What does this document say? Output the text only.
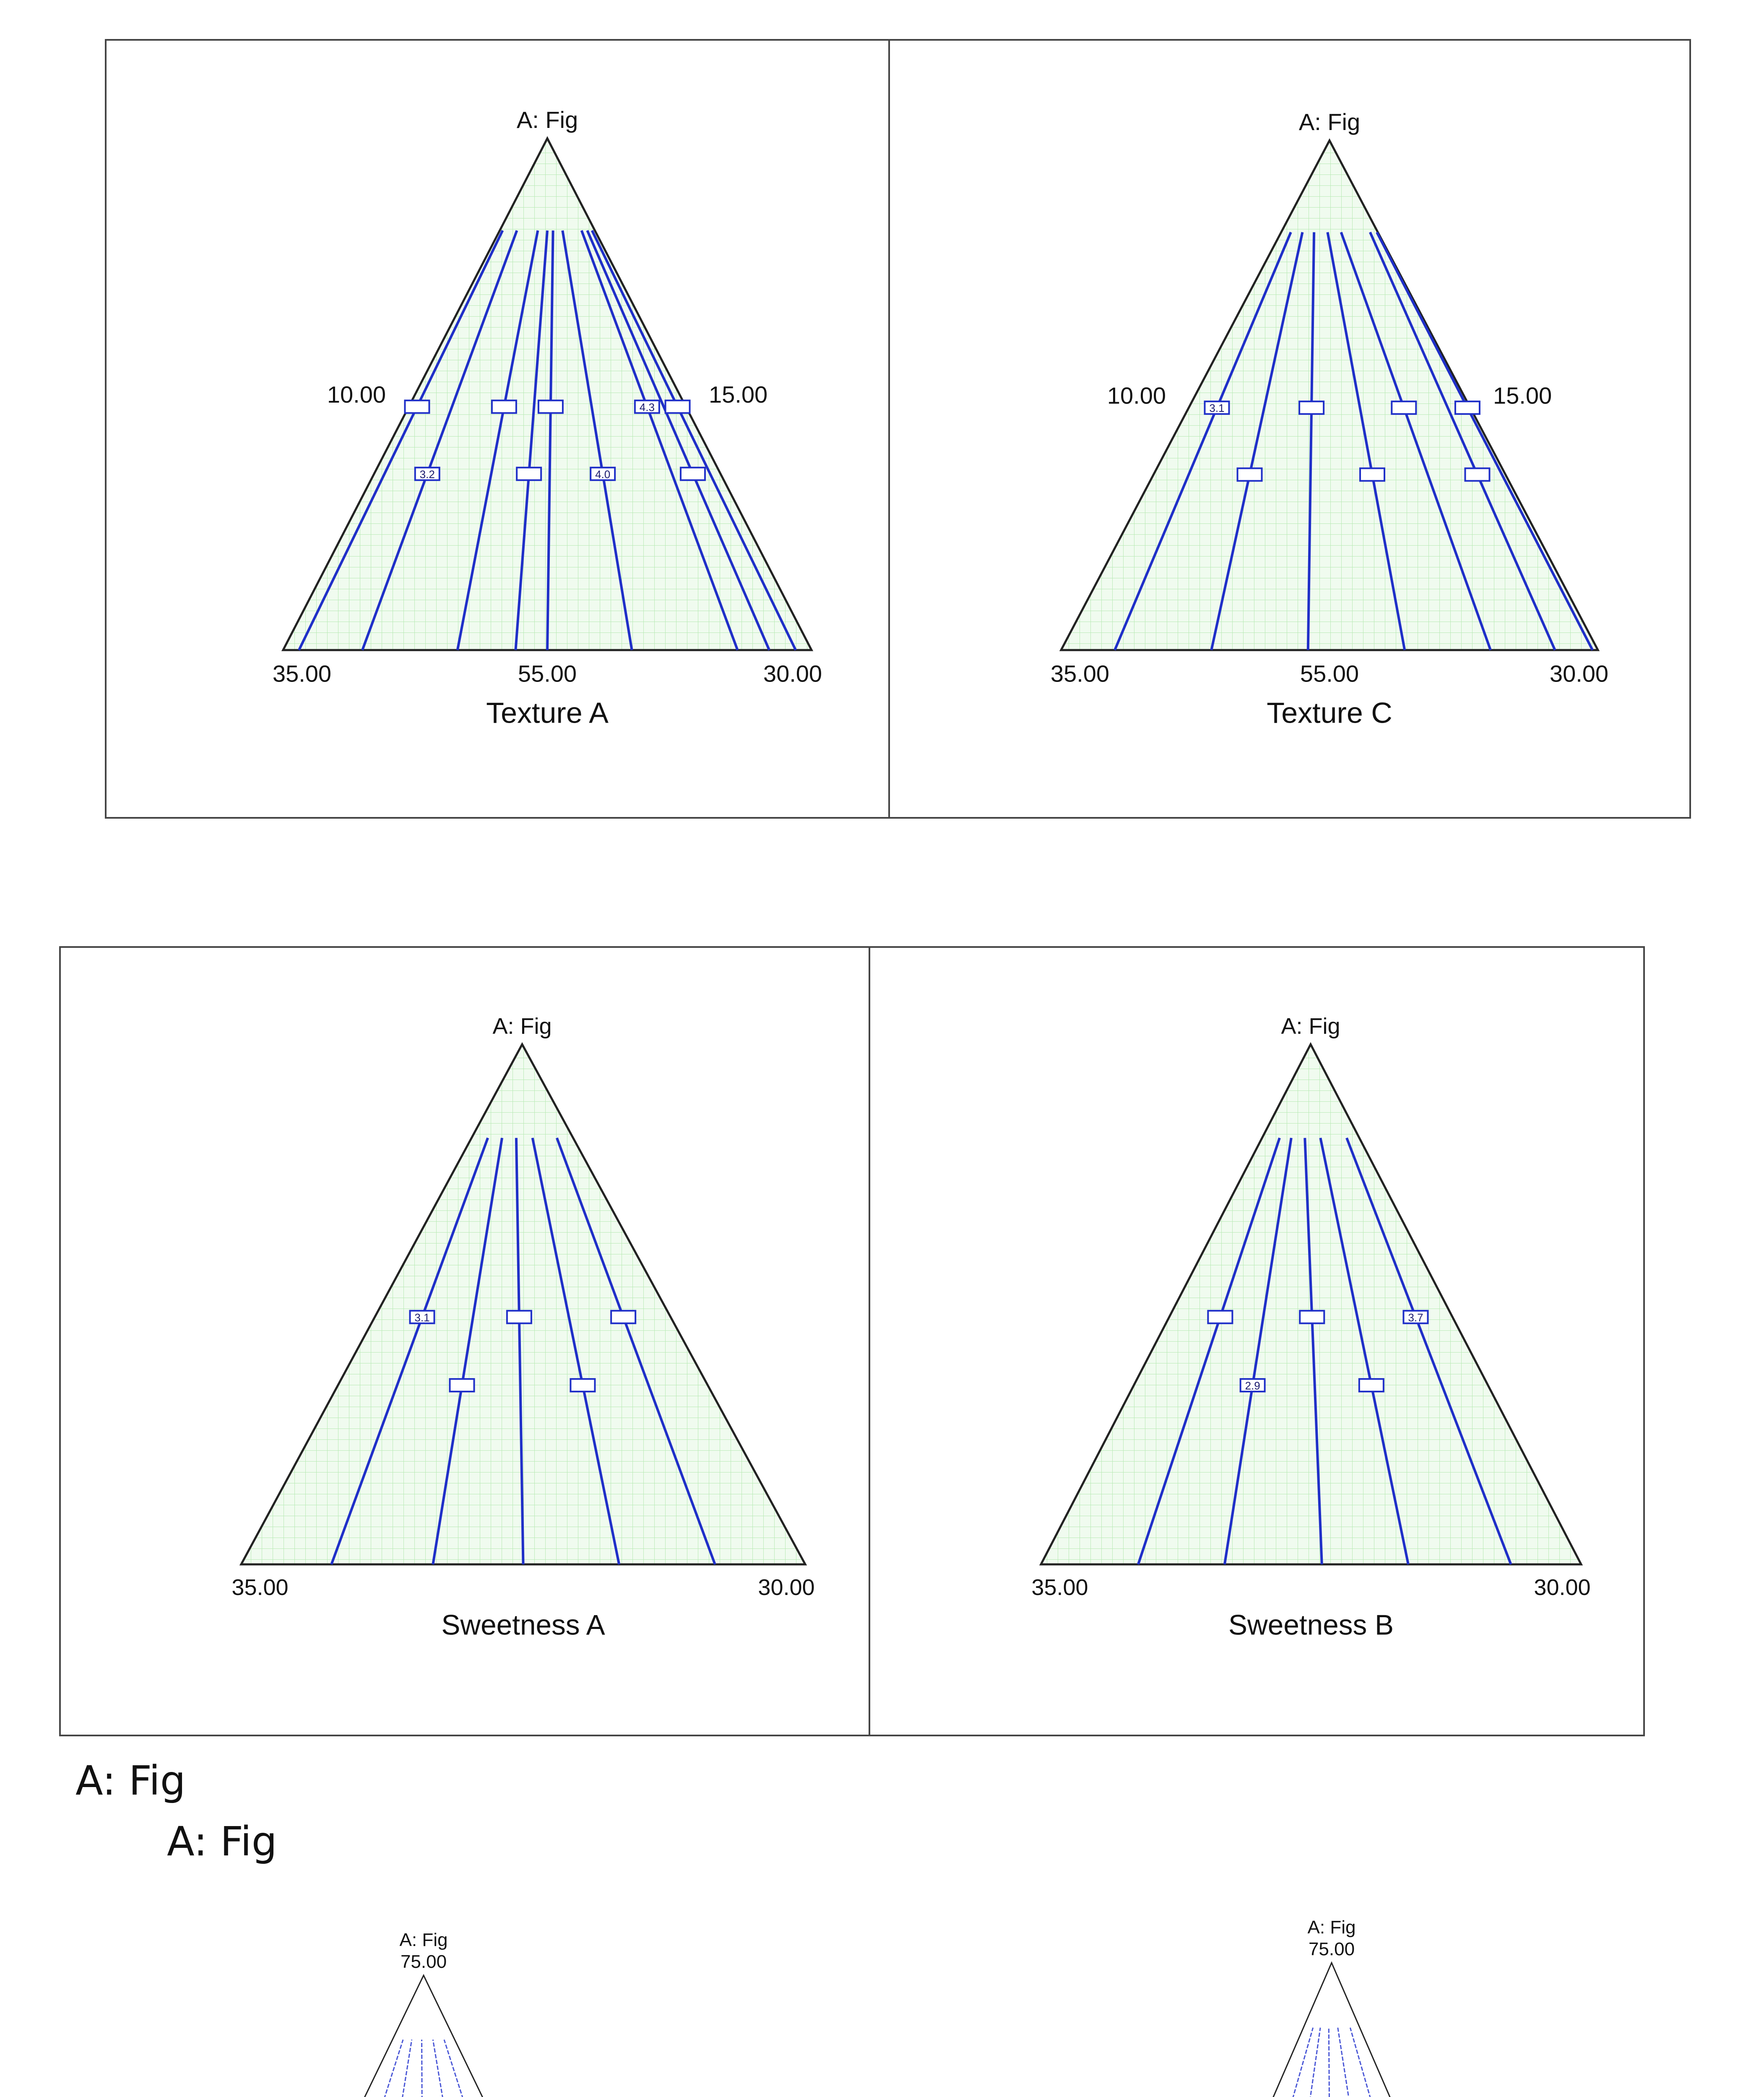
3.2	4.0
4.3
A: Fig
10.00	15.00
35.00	55.00	30.00
Texture A
3.1
A: Fig
10.00	15.00
35.00	55.00	30.00
Texture C
3.1
A: Fig
35.00	30.00
Sweetness A
2.9
3.7
A: Fig
35.00	30.00
Sweetness B
A: Fig
75.00
A: Fig
75.00
A: Fig
A: Fig
